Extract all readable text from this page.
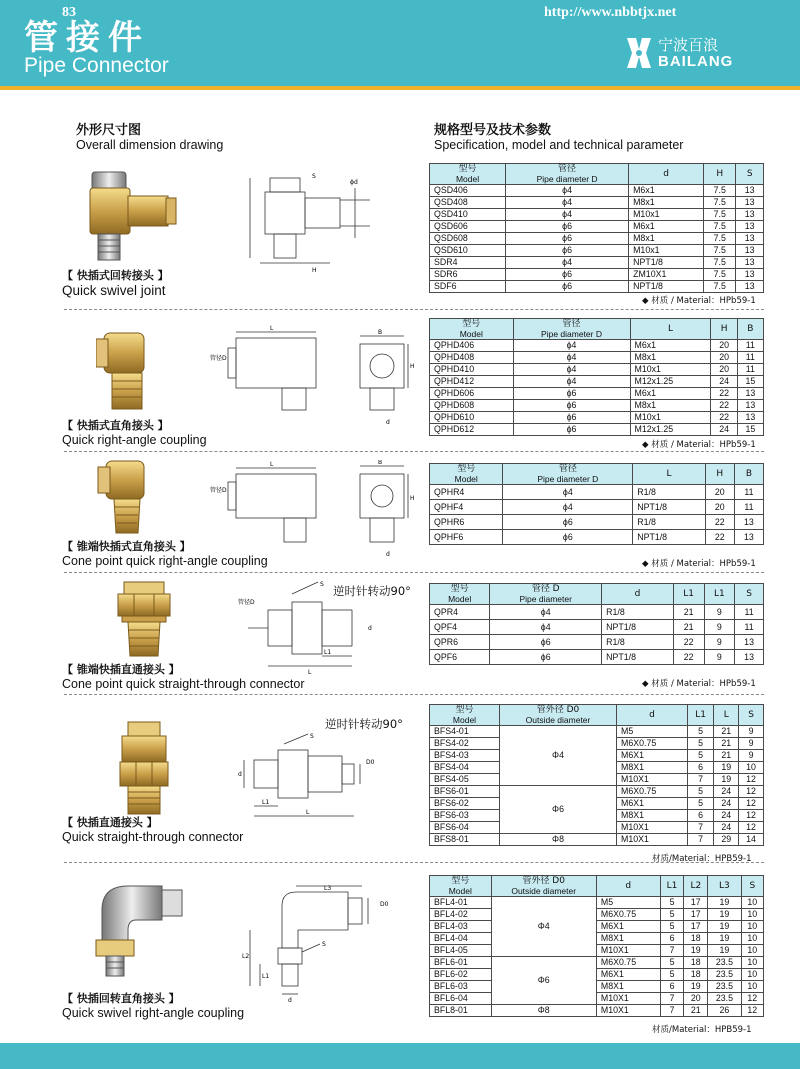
管接件
Pipe Connector
宁波百浪
BAILANG
外形尺寸图
Overall dimension drawing
规格型号及技术参数
Specification, model and technical parameter
【 快插式回转接头 】
Quick swivel joint
ϕd
S
H
型号
Model	管径
Pipe diameter D	d	H	S

QSD406	ϕ4	M6x1	7.5	13
QSD408	ϕ4	M8x1	7.5	13
QSD410	ϕ4	M10x1	7.5	13
QSD606	ϕ6	M6x1	7.5	13
QSD608	ϕ6	M8x1	7.5	13
QSD610	ϕ6	M10x1	7.5	13
SDR4	ϕ4	NPT1/8	7.5	13
SDR6	ϕ6	ZM10X1	7.5	13
SDF6	ϕ6	NPT1/8	7.5	13
◆ 材质 / Material：HPb59-1
【 快插式直角接头 】
Quick right-angle coupling
管径D
L
B
H
d
型号
Model	管径
Pipe diameter D	L	H	B

QPHD406	ϕ4	M6x1	20	11
QPHD408	ϕ4	M8x1	20	11
QPHD410	ϕ4	M10x1	20	11
QPHD412	ϕ4	M12x1.25	24	15
QPHD606	ϕ6	M6x1	22	13
QPHD608	ϕ6	M8x1	22	13
QPHD610	ϕ6	M10x1	22	13
QPHD612	ϕ6	M12x1.25	24	15
◆ 材质 / Material：HPb59-1
【 锥端快插式直角接头 】
Cone point quick right-angle coupling
管径D
L	B
H
d
型号
Model	管径
Pipe diameter D	L	H	B

QPHR4	ϕ4	R1/8	20	11
QPHF4	ϕ4	NPT1/8	20	11
QPHR6	ϕ6	R1/8	22	13
QPHF6	ϕ6	NPT1/8	22	13
◆ 材质 / Material：HPb59-1
【 锥端快插直通接头 】
Cone point quick straight-through connector
逆时针转动90°
管径D
S
L1
L
d
型号
Model	管径 D
Pipe diameter	d	L1	L1	S

QPR4	ϕ4	R1/8	21	9	11
QPF4	ϕ4	NPT1/8	21	9	11
QPR6	ϕ6	R1/8	22	9	13
QPF6	ϕ6	NPT1/8	22	9	13
◆ 材质 / Material：HPb59-1
【 快插直通接头 】
Quick straight-through connector
逆时针转动90°
S
d
L1
L
D0
型号
Model	管外径 D0
Outside diameter	d	L1	L	S

BFS4-01	Φ4	M5	5	21	9
BFS4-02		M6X0.75	5	21	9
BFS4-03		M6X1	5	21	9
BFS4-04		M8X1	6	19	10
BFS4-05		M10X1	7	19	12
BFS6-01	Φ6	M6X0.75	5	24	12
BFS6-02		M6X1	5	24	12
BFS6-03		M8X1	6	24	12
BFS6-04		M10X1	7	24	12
BFS8-01	Φ8	M10X1	7	29	14
材质/Material：HPB59-1
【 快插回转直角接头 】
Quick swivel right-angle coupling
L3
D0
S
L2
L1
d
型号
Model	管外径 D0
Outside diameter	d	L1	L2	L3	S

BFL4-01	Φ4	M5	5	17	19	10
BFL4-02		M6X0.75	5	17	19	10
BFL4-03		M6X1	5	17	19	10
BFL4-04		M8X1	6	18	19	10
BFL4-05		M10X1	7	19	19	10
BFL6-01	Φ6	M6X0.75	5	18	23.5	10
BFL6-02		M6X1	5	18	23.5	10
BFL6-03		M8X1	6	19	23.5	10
BFL6-04		M10X1	7	20	23.5	12
BFL8-01	Φ8	M10X1	7	21	26	12
材质/Material：HPB59-1
83	http://www.nbbtjx.net
